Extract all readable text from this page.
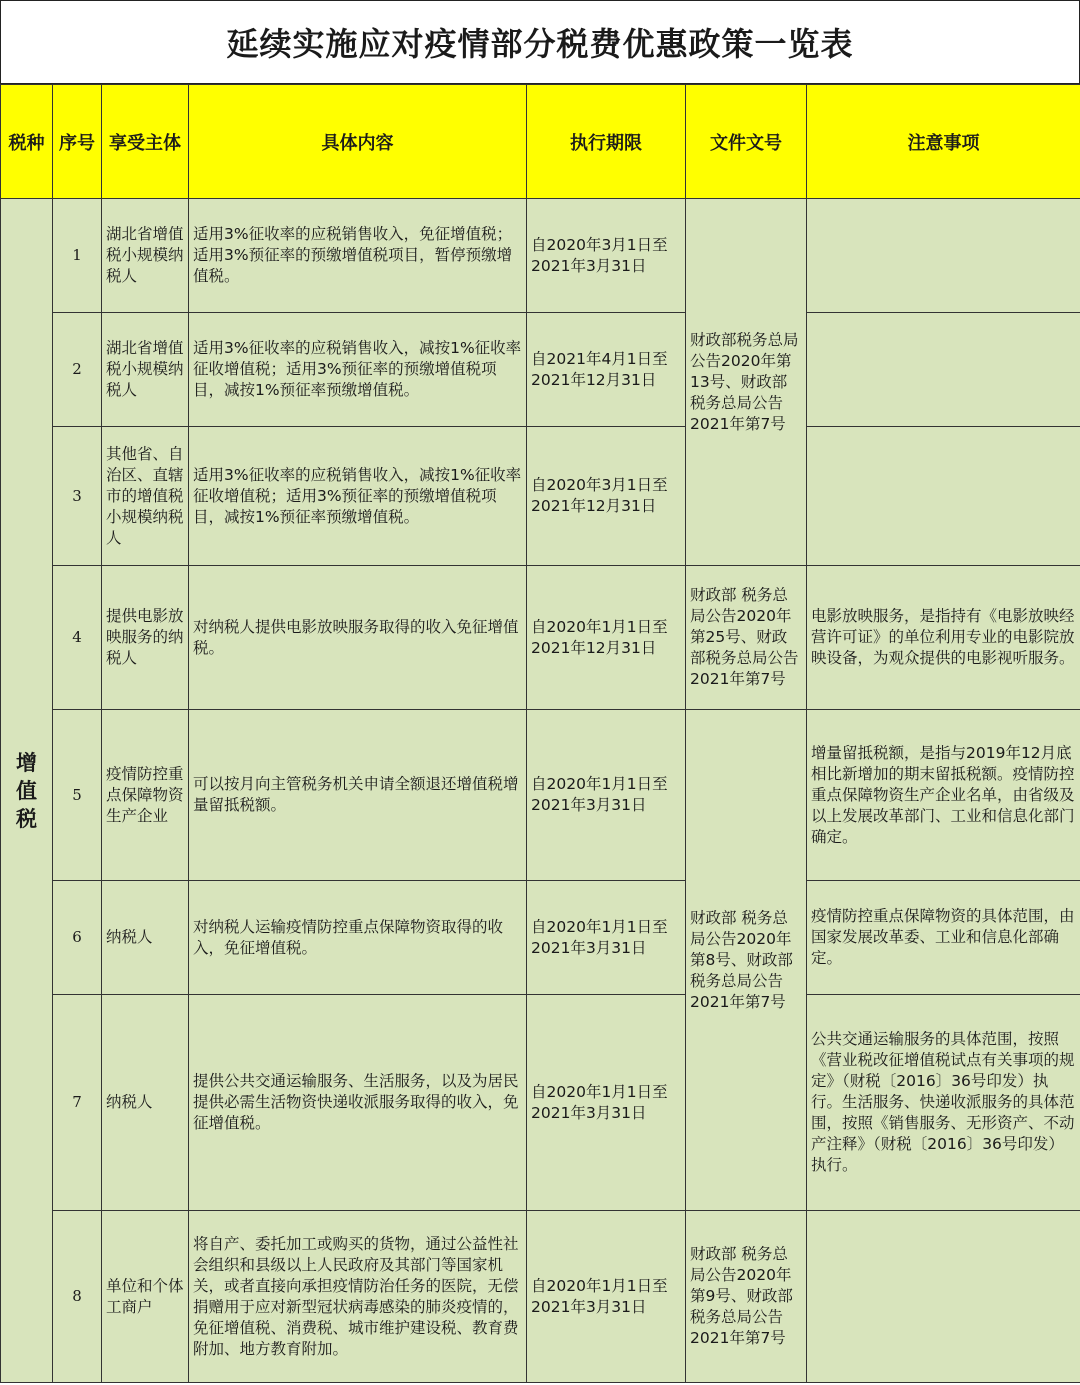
延续实施应对疫情部分税费优惠政策一览表
税种	序号	享受主体	具体内容	执行期限	文件文号	注意事项
增值税	1	湖北省增值税小规模纳税人	适用3%征收率的应税销售收入，免征增值税；适用3%预征率的预缴增值税项目，暂停预缴增值税。	自2020年3月1日至2021年3月31日	财政部税务总局公告2020年第13号、财政部 税务总局公告2021年第7号	
	2	湖北省增值税小规模纳税人	适用3%征收率的应税销售收入，减按1%征收率征收增值税；适用3%预征率的预缴增值税项目，减按1%预征率预缴增值税。	自2021年4月1日至2021年12月31日		
	3	其他省、自治区、直辖市的增值税小规模纳税人	适用3%征收率的应税销售收入，减按1%征收率征收增值税；适用3%预征率的预缴增值税项目，减按1%预征率预缴增值税。	自2020年3月1日至2021年12月31日		
	4	提供电影放映服务的纳税人	对纳税人提供电影放映服务取得的收入免征增值税。	自2020年1月1日至2021年12月31日	财政部 税务总局公告2020年第25号、财政部税务总局公告2021年第7号	电影放映服务，是指持有《电影放映经营许可证》的单位利用专业的电影院放映设备，为观众提供的电影视听服务。
	5	疫情防控重点保障物资生产企业	可以按月向主管税务机关申请全额退还增值税增量留抵税额。	自2020年1月1日至2021年3月31日	财政部 税务总局公告2020年第8号、财政部税务总局公告2021年第7号	增量留抵税额，是指与2019年12月底相比新增加的期末留抵税额。疫情防控重点保障物资生产企业名单，由省级及以上发展改革部门、工业和信息化部门确定。
	6	纳税人	对纳税人运输疫情防控重点保障物资取得的收入，免征增值税。	自2020年1月1日至2021年3月31日		疫情防控重点保障物资的具体范围，由国家发展改革委、工业和信息化部确定。
	7	纳税人	提供公共交通运输服务、生活服务，以及为居民提供必需生活物资快递收派服务取得的收入，免征增值税。	自2020年1月1日至2021年3月31日		公共交通运输服务的具体范围，按照《营业税改征增值税试点有关事项的规定》（财税〔2016〕36号印发）执行。生活服务、快递收派服务的具体范围，按照《销售服务、无形资产、不动产注释》（财税〔2016〕36号印发）执行。
	8	单位和个体工商户	将自产、委托加工或购买的货物，通过公益性社会组织和县级以上人民政府及其部门等国家机关，或者直接向承担疫情防治任务的医院，无偿捐赠用于应对新型冠状病毒感染的肺炎疫情的，免征增值税、消费税、城市维护建设税、教育费附加、地方教育附加。	自2020年1月1日至2021年3月31日	财政部 税务总局公告2020年第9号、财政部税务总局公告2021年第7号	
